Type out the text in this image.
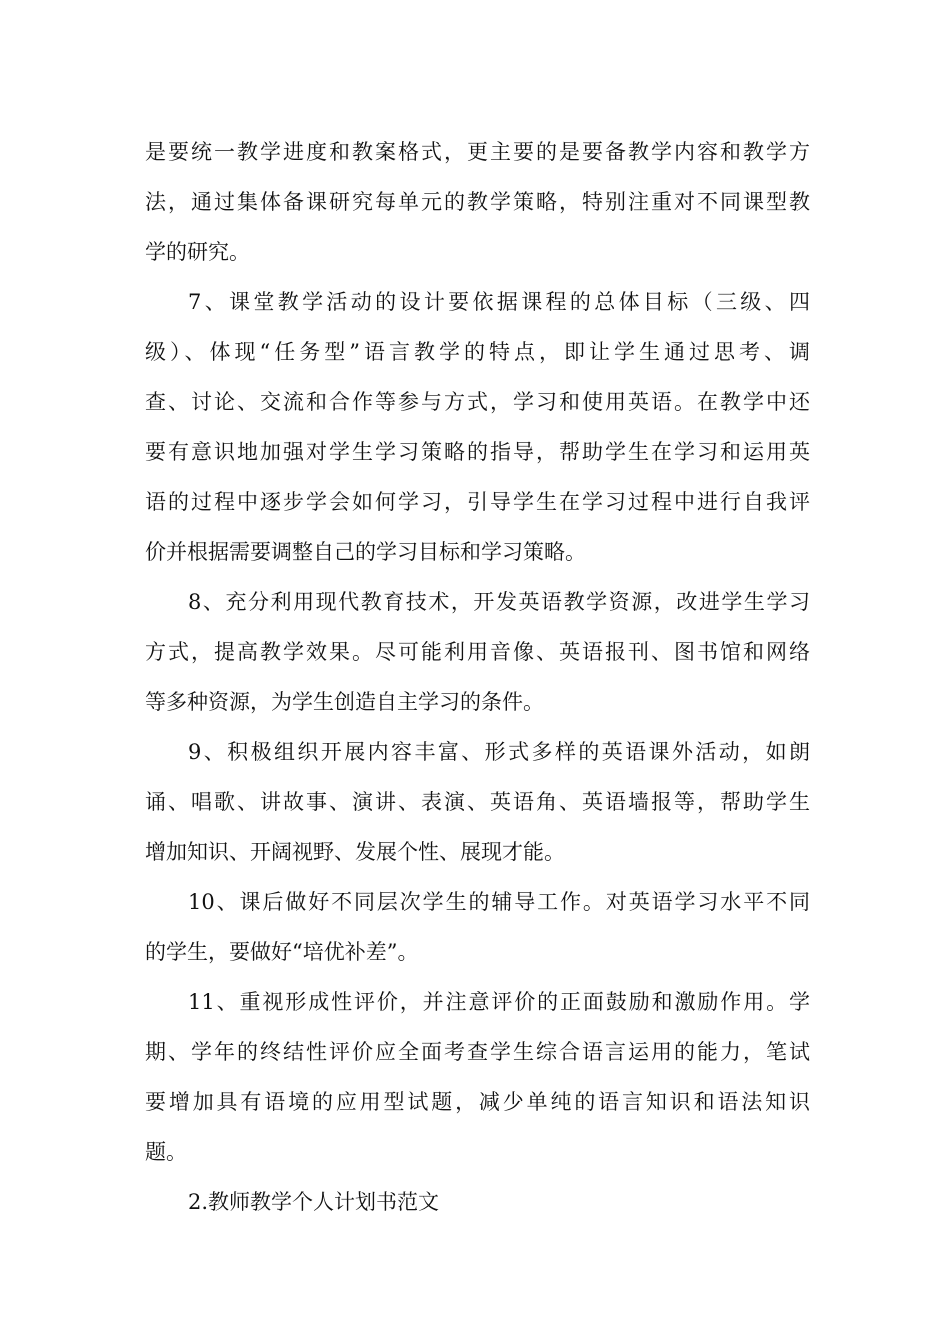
是要统一教学进度和教案格式，更主要的是要备教学内容和教学方
法，通过集体备课研究每单元的教学策略，特别注重对不同课型教
学的研究。
7、课堂教学活动的设计要依据课程的总体目标（三级、四
级）、体现“任务型”语言教学的特点，即让学生通过思考、调
查、讨论、交流和合作等参与方式，学习和使用英语。在教学中还
要有意识地加强对学生学习策略的指导，帮助学生在学习和运用英
语的过程中逐步学会如何学习，引导学生在学习过程中进行自我评
价并根据需要调整自己的学习目标和学习策略。
8、充分利用现代教育技术，开发英语教学资源，改进学生学习
方式，提高教学效果。尽可能利用音像、英语报刊、图书馆和网络
等多种资源，为学生创造自主学习的条件。
9、积极组织开展内容丰富、形式多样的英语课外活动，如朗
诵、唱歌、讲故事、演讲、表演、英语角、英语墙报等，帮助学生
增加知识、开阔视野、发展个性、展现才能。
10、课后做好不同层次学生的辅导工作。对英语学习水平不同
的学生，要做好“培优补差”。
11、重视形成性评价，并注意评价的正面鼓励和激励作用。学
期、学年的终结性评价应全面考查学生综合语言运用的能力，笔试
要增加具有语境的应用型试题，减少单纯的语言知识和语法知识
题。
2.教师教学个人计划书范文
